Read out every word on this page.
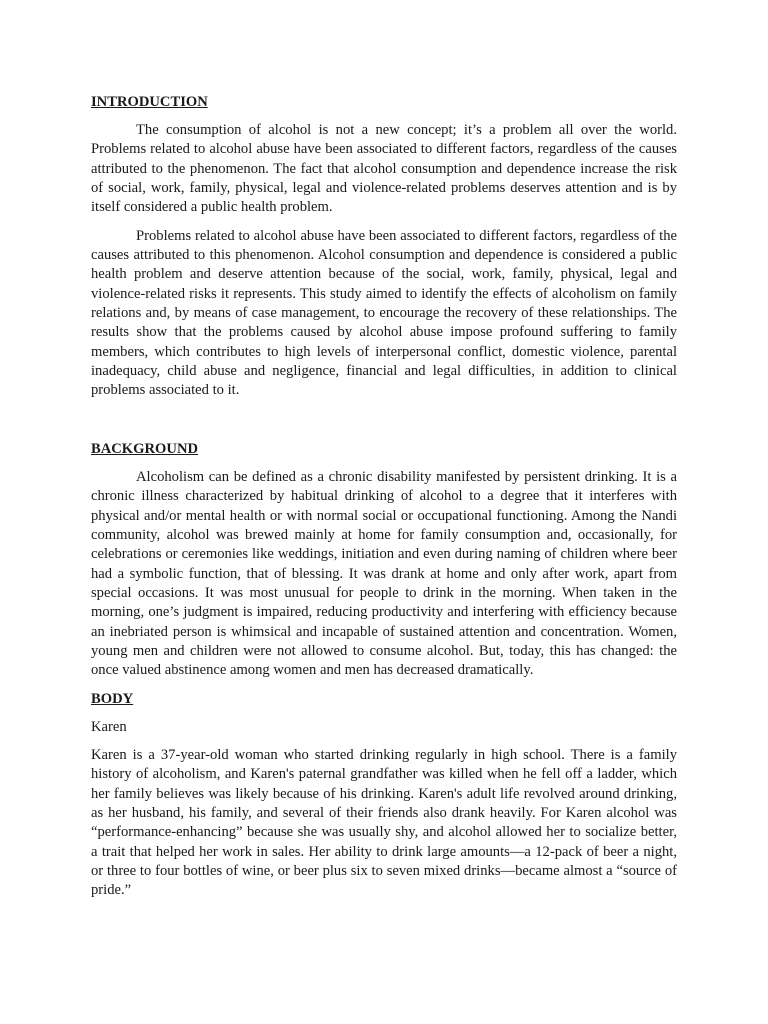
INTRODUCTION

The consumption of alcohol is not a new concept; it’s a problem all over the world. Problems related to alcohol abuse have been associated to different factors, regardless of the causes attributed to the phenomenon. The fact that alcohol consumption and dependence increase the risk of social, work, family, physical, legal and violence-related problems deserves attention and is by itself considered a public health problem.

Problems related to alcohol abuse have been associated to different factors, regardless of the causes attributed to this phenomenon. Alcohol consumption and dependence is considered a public health problem and deserve attention because of the social, work, family, physical, legal and violence-related risks it represents. This study aimed to identify the effects of alcoholism on family relations and, by means of case management, to encourage the recovery of these relationships. The results show that the problems caused by alcohol abuse impose profound suffering to family members, which contributes to high levels of interpersonal conflict, domestic violence, parental inadequacy, child abuse and negligence, financial and legal difficulties, in addition to clinical problems associated to it.

BACKGROUND

Alcoholism can be defined as a chronic disability manifested by persistent drinking. It is a chronic illness characterized by habitual drinking of alcohol to a degree that it interferes with physical and/or mental health or with normal social or occupational functioning. Among the Nandi community, alcohol was brewed mainly at home for family consumption and, occasionally, for celebrations or ceremonies like weddings, initiation and even during naming of children where beer had a symbolic function, that of blessing. It was drank at home and only after work, apart from special occasions. It was most unusual for people to drink in the morning. When taken in the morning, one’s judgment is impaired, reducing productivity and interfering with efficiency because an inebriated person is whimsical and incapable of sustained attention and concentration. Women, young men and children were not allowed to consume alcohol. But, today, this has changed: the once valued abstinence among women and men has decreased dramatically.

BODY

Karen

Karen is a 37-year-old woman who started drinking regularly in high school. There is a family history of alcoholism, and Karen's paternal grandfather was killed when he fell off a ladder, which her family believes was likely because of his drinking. Karen's adult life revolved around drinking, as her husband, his family, and several of their friends also drank heavily. For Karen alcohol was “performance-enhancing” because she was usually shy, and alcohol allowed her to socialize better, a trait that helped her work in sales. Her ability to drink large amounts—a 12-pack of beer a night, or three to four bottles of wine, or beer plus six to seven mixed drinks—became almost a “source of pride.”
